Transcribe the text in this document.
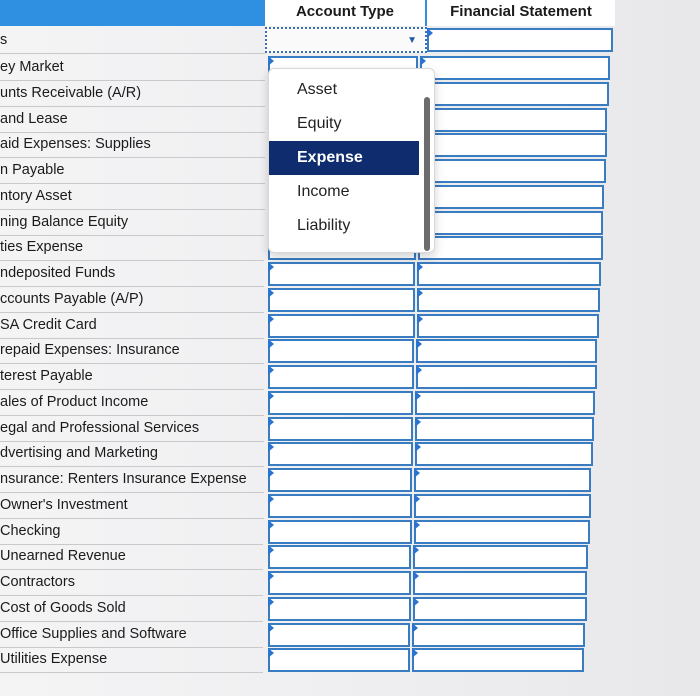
Account Type	Financial Statement
s	▼
ey Market
unts Receivable (A/R)
and Lease
aid Expenses: Supplies
n Payable
ntory Asset
ning Balance Equity
ties Expense
ndeposited Funds
ccounts Payable (A/P)
SA Credit Card
repaid Expenses: Insurance
terest Payable
ales of Product Income
egal and Professional Services
dvertising and Marketing
nsurance: Renters Insurance Expense
Owner's Investment
Checking
Unearned Revenue
Contractors
Cost of Goods Sold
Office Supplies and Software
Utilities Expense
Asset
Equity
Expense
Income
Liability
